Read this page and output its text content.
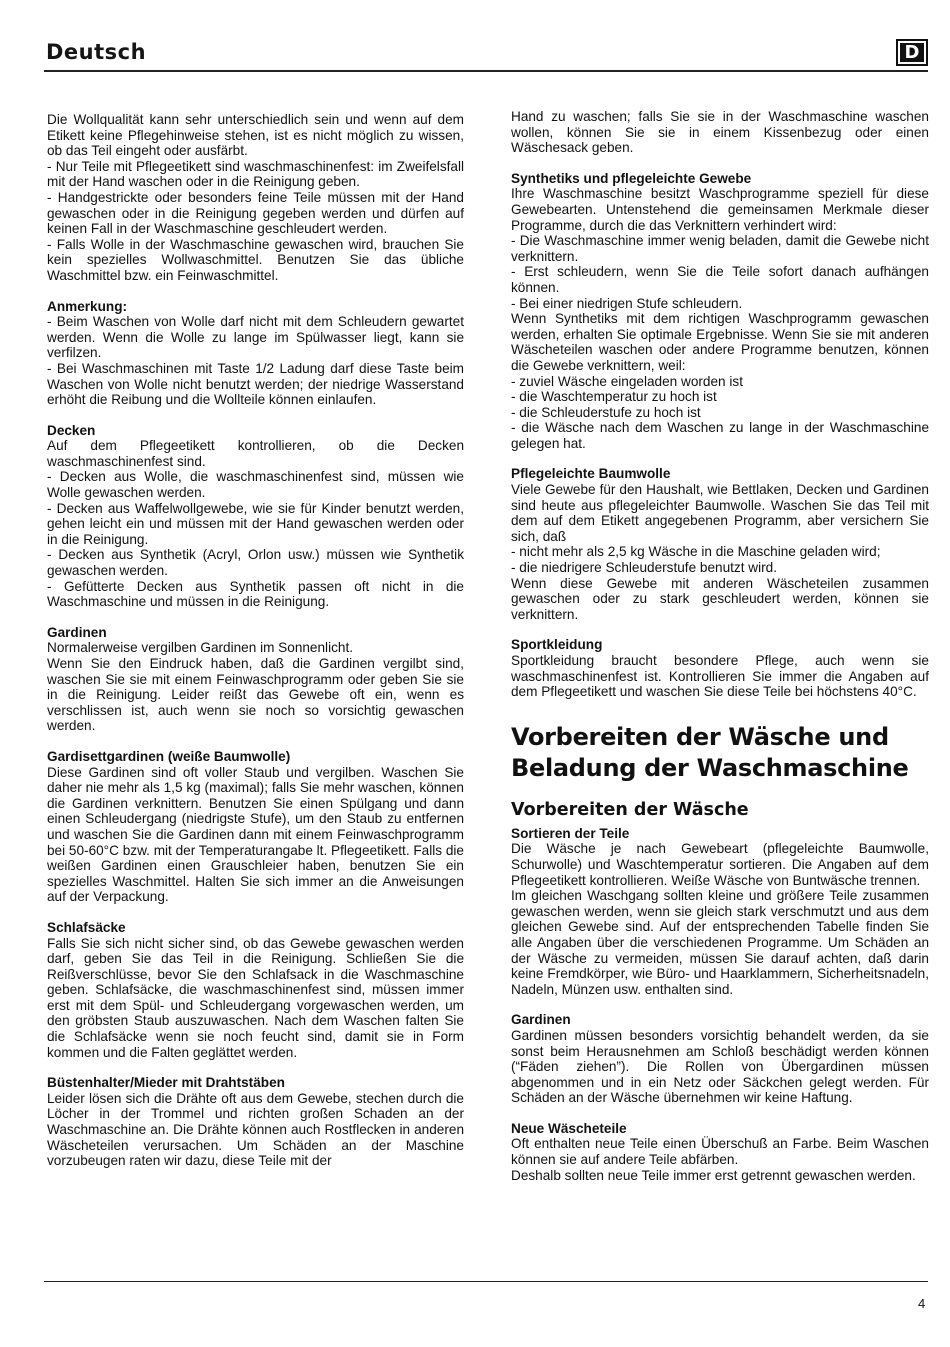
Deutsch	D

Die Wollqualität kann sehr unterschiedlich sein und wenn auf dem Etikett keine Pflegehinweise stehen, ist es nicht möglich zu wissen, ob das Teil eingeht oder ausfärbt.

- Nur Teile mit Pflegeetikett sind waschmaschinenfest: im Zweifelsfall mit der Hand waschen oder in die Reinigung geben.

- Handgestrickte oder besonders feine Teile müssen mit der Hand gewaschen oder in die Reinigung gegeben werden und dürfen auf keinen Fall in der Waschmaschine geschleudert werden.

- Falls Wolle in der Waschmaschine gewaschen wird, brauchen Sie kein spezielles Wollwaschmittel. Benutzen Sie das übliche Waschmittel bzw. ein Feinwaschmittel.

Anmerkung:

- Beim Waschen von Wolle darf nicht mit dem Schleudern gewartet werden. Wenn die Wolle zu lange im Spülwasser liegt, kann sie verfilzen.

- Bei Waschmaschinen mit Taste 1/2 Ladung darf diese Taste beim Waschen von Wolle nicht benutzt werden; der niedrige Wasserstand erhöht die Reibung und die Wollteile können einlaufen.

Decken

Auf dem Pflegeetikett kontrollieren, ob die Decken waschmaschinenfest sind.

- Decken aus Wolle, die waschmaschinenfest sind, müssen wie Wolle gewaschen werden.

- Decken aus Waffelwollgewebe, wie sie für Kinder benutzt werden, gehen leicht ein und müssen mit der Hand gewaschen werden oder in die Reinigung.

- Decken aus Synthetik (Acryl, Orlon usw.) müssen wie Synthetik gewaschen werden.

- Gefütterte Decken aus Synthetik passen oft nicht in die Waschmaschine und müssen in die Reinigung.

Gardinen

Normalerweise vergilben Gardinen im Sonnenlicht.

Wenn Sie den Eindruck haben, daß die Gardinen vergilbt sind, waschen Sie sie mit einem Feinwaschprogramm oder geben Sie sie in die Reinigung. Leider reißt das Gewebe oft ein, wenn es verschlissen ist, auch wenn sie noch so vorsichtig gewaschen werden.

Gardisettgardinen (weiße Baumwolle)

Diese Gardinen sind oft voller Staub und vergilben. Waschen Sie daher nie mehr als 1,5 kg (maximal); falls Sie mehr waschen, können die Gardinen verknittern. Benutzen Sie einen Spülgang und dann einen Schleudergang (niedrigste Stufe), um den Staub zu entfernen und waschen Sie die Gardinen dann mit einem Feinwaschprogramm bei 50-60°C bzw. mit der Temperaturangabe lt. Pflegeetikett. Falls die weißen Gardinen einen Grauschleier haben, benutzen Sie ein spezielles Waschmittel. Halten Sie sich immer an die Anweisungen auf der Verpackung.

Schlafsäcke

Falls Sie sich nicht sicher sind, ob das Gewebe gewaschen werden darf, geben Sie das Teil in die Reinigung. Schließen Sie die Reißverschlüsse, bevor Sie den Schlafsack in die Waschmaschine geben. Schlafsäcke, die waschmaschinenfest sind, müssen immer erst mit dem Spül- und Schleudergang vorgewaschen werden, um den gröbsten Staub auszuwaschen. Nach dem Waschen falten Sie die Schlafsäcke wenn sie noch feucht sind, damit sie in Form kommen und die Falten geglättet werden.

Büstenhalter/Mieder mit Drahtstäben

Leider lösen sich die Drähte oft aus dem Gewebe, stechen durch die Löcher in der Trommel und richten großen Schaden an der Waschmaschine an. Die Drähte können auch Rostflecken in anderen Wäscheteilen verursachen. Um Schäden an der Maschine vorzubeugen raten wir dazu, diese Teile mit der

Hand zu waschen; falls Sie sie in der Waschmaschine waschen wollen, können Sie sie in einem Kissenbezug oder einen Wäschesack geben.

Synthetiks und pflegeleichte Gewebe

Ihre Waschmaschine besitzt Waschprogramme speziell für diese Gewebearten. Untenstehend die gemeinsamen Merkmale dieser Programme, durch die das Verknittern verhindert wird:

- Die Waschmaschine immer wenig beladen, damit die Gewebe nicht verknittern.

- Erst schleudern, wenn Sie die Teile sofort danach aufhängen können.

- Bei einer niedrigen Stufe schleudern.

Wenn Synthetiks mit dem richtigen Waschprogramm gewaschen werden, erhalten Sie optimale Ergebnisse. Wenn Sie sie mit anderen Wäscheteilen waschen oder andere Programme benutzen, können die Gewebe verknittern, weil:

- zuviel Wäsche eingeladen worden ist

- die Waschtemperatur zu hoch ist

- die Schleuderstufe zu hoch ist

- die Wäsche nach dem Waschen zu lange in der Waschmaschine gelegen hat.

Pflegeleichte Baumwolle

Viele Gewebe für den Haushalt, wie Bettlaken, Decken und Gardinen sind heute aus pflegeleichter Baumwolle. Waschen Sie das Teil mit dem auf dem Etikett angegebenen Programm, aber versichern Sie sich, daß

- nicht mehr als 2,5 kg Wäsche in die Maschine geladen wird;

- die niedrigere Schleuderstufe benutzt wird.

Wenn diese Gewebe mit anderen Wäscheteilen zusammen gewaschen oder zu stark geschleudert werden, können sie verknittern.

Sportkleidung

Sportkleidung braucht besondere Pflege, auch wenn sie waschmaschinenfest ist. Kontrollieren Sie immer die Angaben auf dem Pflegeetikett und waschen Sie diese Teile bei höchstens 40°C.

Vorbereiten der Wäsche und Beladung der Waschmaschine
Vorbereiten der Wäsche

Sortieren der Teile

Die Wäsche je nach Gewebeart (pflegeleichte Baumwolle, Schurwolle) und Waschtemperatur sortieren. Die Angaben auf dem Pflegeetikett kontrollieren. Weiße Wäsche von Buntwäsche trennen.

Im gleichen Waschgang sollten kleine und größere Teile zusammen gewaschen werden, wenn sie gleich stark verschmutzt und aus dem gleichen Gewebe sind. Auf der entsprechenden Tabelle finden Sie alle Angaben über die verschiedenen Programme. Um Schäden an der Wäsche zu vermeiden, müssen Sie darauf achten, daß darin keine Fremdkörper, wie Büro- und Haarklammern, Sicherheitsnadeln, Nadeln, Münzen usw. enthalten sind.

Gardinen

Gardinen müssen besonders vorsichtig behandelt werden, da sie sonst beim Herausnehmen am Schloß beschädigt werden können (“Fäden ziehen”). Die Rollen von Übergardinen müssen abgenommen und in ein Netz oder Säckchen gelegt werden. Für Schäden an der Wäsche übernehmen wir keine Haftung.

Neue Wäscheteile

Oft enthalten neue Teile einen Überschuß an Farbe. Beim Waschen können sie auf andere Teile abfärben.

Deshalb sollten neue Teile immer erst getrennt gewaschen werden.

4
